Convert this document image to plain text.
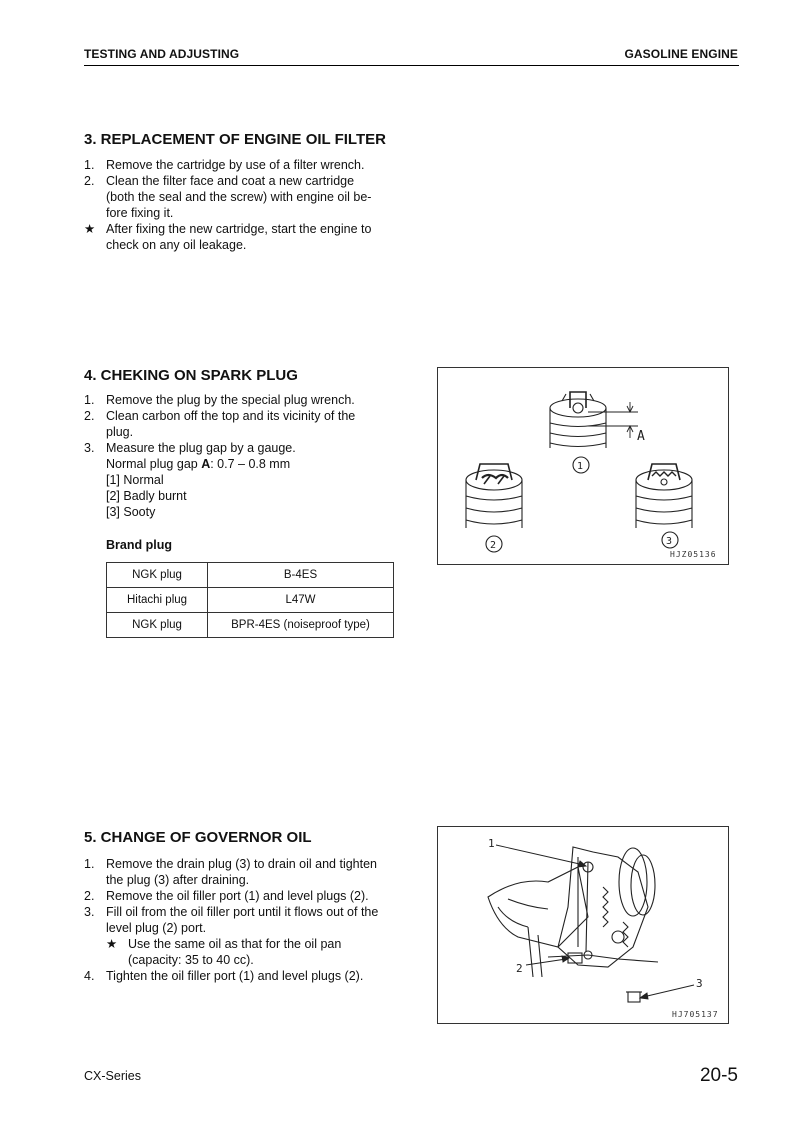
TESTING AND ADJUSTING	GASOLINE ENGINE
3. REPLACEMENT OF ENGINE OIL FILTER
1. Remove the cartridge by use of a filter wrench.
2. Clean the filter face and coat a new cartridge
(both the seal and the screw) with engine oil be-
fore fixing it.
★ After fixing the new cartridge, start the engine to
check on any oil leakage.
4. CHEKING ON SPARK PLUG
1. Remove the plug by the special plug wrench.
2. Clean carbon off the top and its vicinity of the
plug.
3. Measure the plug gap by a gauge.
Normal plug gap A: 0.7 – 0.8 mm
[1] Normal
[2] Badly burnt
[3] Sooty
Brand plug
NGK plug	B-4ES
Hitachi plug	L47W
NGK plug	BPR-4ES (noiseproof type)
A
1
2	3
HJZ05136
5. CHANGE OF GOVERNOR OIL
1. Remove the drain plug (3) to drain oil and tighten
the plug (3) after draining.
2. Remove the oil filler port (1) and level plugs (2).
3. Fill oil from the oil filler port until it flows out of the
level plug (2) port.
★ Use the same oil as that for the oil pan
(capacity: 35 to 40 cc).
4. Tighten the oil filler port (1) and level plugs (2).
1
2
3
HJ705137
CX-Series	20-5
